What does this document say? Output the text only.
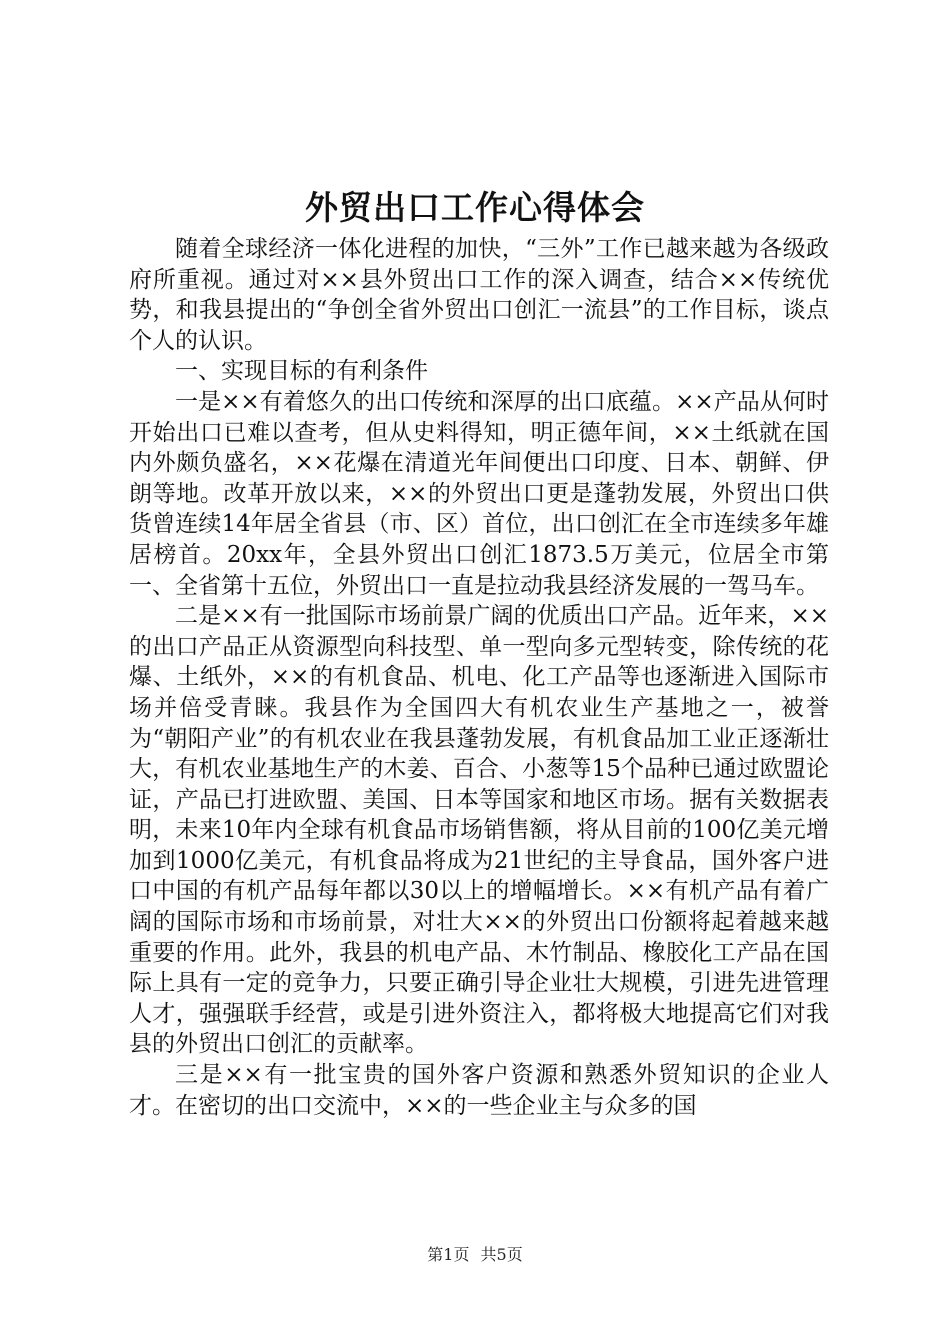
外贸出口工作心得体会

随着全球经济一体化进程的加快，“三外”工作已越来越为各级政府所重视。通过对××县外贸出口工作的深入调查，结合××传统优势，和我县提出的“争创全省外贸出口创汇一流县”的工作目标，谈点个人的认识。

一、实现目标的有利条件

一是××有着悠久的出口传统和深厚的出口底蕴。××产品从何时开始出口已难以查考，但从史料得知，明正德年间，××土纸就在国内外颇负盛名，××花爆在清道光年间便出口印度、日本、朝鲜、伊朗等地。改革开放以来，××的外贸出口更是蓬勃发展，外贸出口供货曾连续14年居全省县（市、区）首位，出口创汇在全市连续多年雄居榜首。20xx年，全县外贸出口创汇1873.5万美元，位居全市第一、全省第十五位，外贸出口一直是拉动我县经济发展的一驾马车。

二是××有一批国际市场前景广阔的优质出口产品。近年来，××的出口产品正从资源型向科技型、单一型向多元型转变，除传统的花爆、土纸外，××的有机食品、机电、化工产品等也逐渐进入国际市场并倍受青睐。我县作为全国四大有机农业生产基地之一，被誉为“朝阳产业”的有机农业在我县蓬勃发展，有机食品加工业正逐渐壮大，有机农业基地生产的木姜、百合、小葱等15个品种已通过欧盟论证，产品已打进欧盟、美国、日本等国家和地区市场。据有关数据表明，未来10年内全球有机食品市场销售额，将从目前的100亿美元增加到1000亿美元，有机食品将成为21世纪的主导食品，国外客户进口中国的有机产品每年都以30以上的增幅增长。××有机产品有着广阔的国际市场和市场前景，对壮大××的外贸出口份额将起着越来越重要的作用。此外，我县的机电产品、木竹制品、橡胶化工产品在国际上具有一定的竞争力，只要正确引导企业壮大规模，引进先进管理人才，强强联手经营，或是引进外资注入，都将极大地提高它们对我县的外贸出口创汇的贡献率。

三是××有一批宝贵的国外客户资源和熟悉外贸知识的企业人才。在密切的出口交流中，××的一些企业主与众多的国

第1页 共5页
